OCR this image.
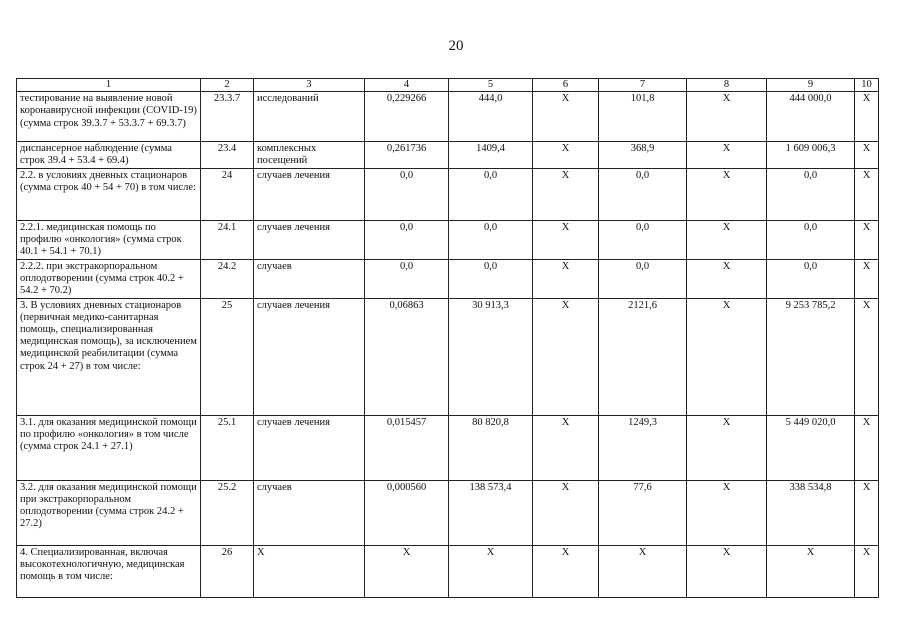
20
1	2	3	4	5	6	7	8	9	10
тестирование на выявление новой коронавирусной инфекции (COVID-19) (сумма строк 39.3.7 + 53.3.7 + 69.3.7)	23.3.7	исследований	0,229266	444,0	X	101,8	X	444 000,0	X
диспансерное наблюдение (сумма строк 39.4 + 53.4 + 69.4)	23.4	комплексных посещений	0,261736	1409,4	X	368,9	X	1 609 006,3	X
2.2. в условиях дневных стационаров (сумма строк 40 + 54 + 70) в том числе:	24	случаев лечения	0,0	0,0	X	0,0	X	0,0	X
2.2.1. медицинская помощь по профилю «онкология» (сумма строк 40.1 + 54.1 + 70.1)	24.1	случаев лечения	0,0	0,0	X	0,0	X	0,0	X
2.2.2. при экстракорпоральном оплодотворении (сумма строк 40.2 + 54.2 + 70.2)	24.2	случаев	0,0	0,0	X	0,0	X	0,0	X
3. В условиях дневных стационаров (первичная медико-санитарная помощь, специализированная медицинская помощь), за исключением медицинской реабилитации (сумма строк 24 + 27) в том числе:	25	случаев лечения	0,06863	30 913,3	X	2121,6	X	9 253 785,2	X
3.1. для оказания медицинской помощи по профилю «онкология» в том числе (сумма строк 24.1 + 27.1)	25.1	случаев лечения	0,015457	80 820,8	X	1249,3	X	5 449 020,0	X
3.2. для оказания медицинской помощи при экстракорпоральном оплодотворении (сумма строк 24.2 + 27.2)	25.2	случаев	0,000560	138 573,4	X	77,6	X	338 534,8	X
4. Специализированная, включая высокотехнологичную, медицинская помощь в том числе:	26	X	X	X	X	X	X	X	X
